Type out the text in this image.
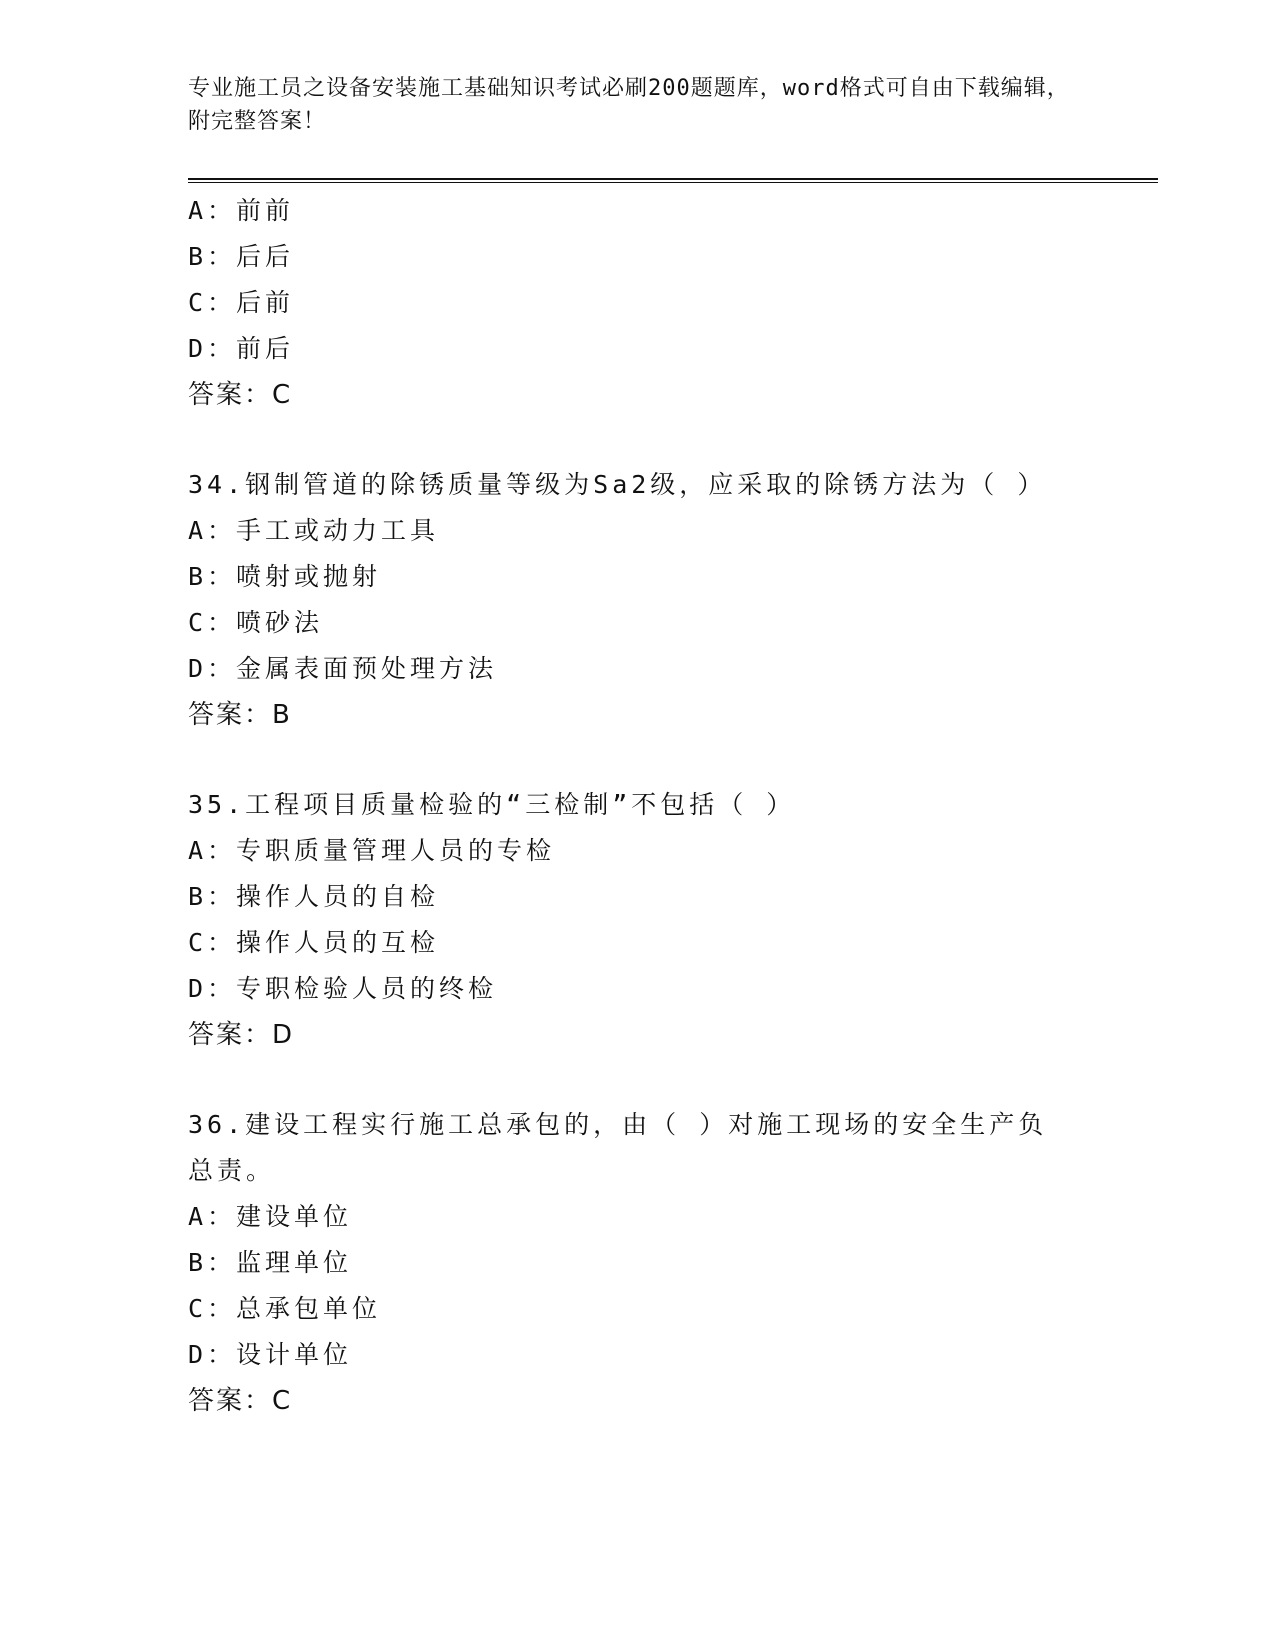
专业施工员之设备安装施工基础知识考试必刷200题题库，word格式可自由下载编辑，附完整答案！
A：前前
B：后后
C：后前
D：前后
答案：C
34.钢制管道的除锈质量等级为Sa2级，应采取的除锈方法为（ ）
A：手工或动力工具
B：喷射或抛射
C：喷砂法
D：金属表面预处理方法
答案：B
35.工程项目质量检验的“三检制”不包括（ ）
A：专职质量管理人员的专检
B：操作人员的自检
C：操作人员的互检
D：专职检验人员的终检
答案：D
36.建设工程实行施工总承包的，由（ ）对施工现场的安全生产负总责。
A：建设单位
B：监理单位
C：总承包单位
D：设计单位
答案：C
